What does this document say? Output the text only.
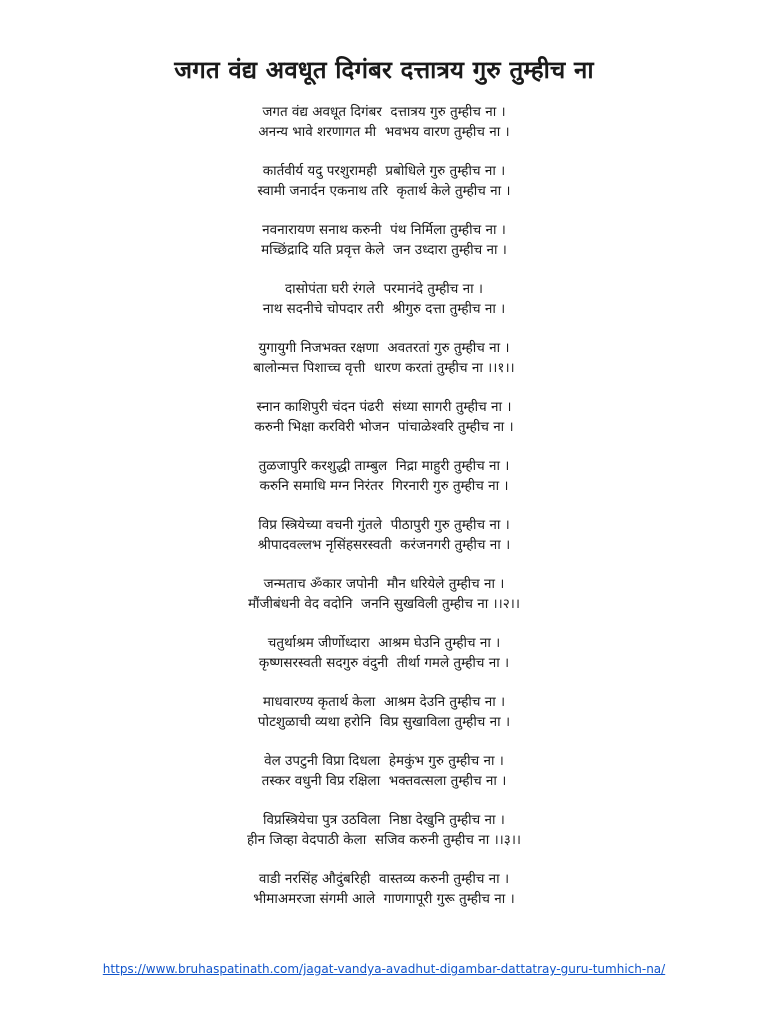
जगत वंद्य अवधूत दिगंबर दत्तात्रय गुरु तुम्हीच ना
जगत वंद्य अवधूत दिगंबर  दत्तात्रय गुरु तुम्हीच ना ।
अनन्य भावे शरणागत मी  भवभय वारण तुम्हीच ना ।
कार्तवीर्य यदु परशुरामही  प्रबोधिले गुरु तुम्हीच ना ।
स्वामी जनार्दन एकनाथ तरि  कृतार्थ केले तुम्हीच ना ।
नवनारायण सनाथ करुनी  पंथ निर्मिला तुम्हीच ना ।
मच्छिंद्रादि यति प्रवृत्त केले  जन उध्दारा तुम्हीच ना ।
दासोपंता घरी रंगले  परमानंदे तुम्हीच ना ।
नाथ सदनीचे चोपदार तरी  श्रीगुरु दत्ता तुम्हीच ना ।
युगायुगी निजभक्त रक्षणा  अवतरतां गुरु तुम्हीच ना ।
बालोन्मत्त पिशाच्च वृत्ती  धारण करतां तुम्हीच ना ।।१।।
स्नान काशिपुरी चंदन पंढरी  संध्या सागरी तुम्हीच ना ।
करुनी भिक्षा करविरी भोजन  पांचाळेश्वरि तुम्हीच ना ।
तुळजापुरि करशुद्धी ताम्बुल  निद्रा माहुरी तुम्हीच ना ।
करुनि समाधि मग्न निरंतर  गिरनारी गुरु तुम्हीच ना ।
विप्र स्त्रियेच्या वचनी गुंतले  पीठापुरी गुरु तुम्हीच ना ।
श्रीपादवल्लभ नृसिंहसरस्वती  करंजनगरी तुम्हीच ना ।
जन्मताच ॐकार जपोनी  मौन धरियेले तुम्हीच ना ।
मौंजीबंधनी वेद वदोनि  जननि सुखविली तुम्हीच ना ।।२।।
चतुर्थाश्रम जीर्णोध्दारा  आश्रम घेउनि तुम्हीच ना ।
कृष्णसरस्वती सदगुरु वंदुनी  तीर्था गमले तुम्हीच ना ।
माधवारण्य कृतार्थ केला  आश्रम देउनि तुम्हीच ना ।
पोटशुळाची व्यथा हरोनि  विप्र सुखाविला तुम्हीच ना ।
वेल उपटुनी विप्रा दिधला  हेमकुंभ गुरु तुम्हीच ना ।
तस्कर वधुनी विप्र रक्षिला  भक्तवत्सला तुम्हीच ना ।
विप्रस्त्रियेचा पुत्र उठविला  निष्ठा देखुनि तुम्हीच ना ।
हीन जिव्हा वेदपाठी केला  सजिव करुनी तुम्हीच ना ।।३।।
वाडी नरसिंह औदुंबरिही  वास्तव्य करुनी तुम्हीच ना ।
भीमाअमरजा संगमी आले  गाणगापूरी गुरू तुम्हीच ना ।
https://www.bruhaspatinath.com/jagat-vandya-avadhut-digambar-dattatray-guru-tumhich-na/
